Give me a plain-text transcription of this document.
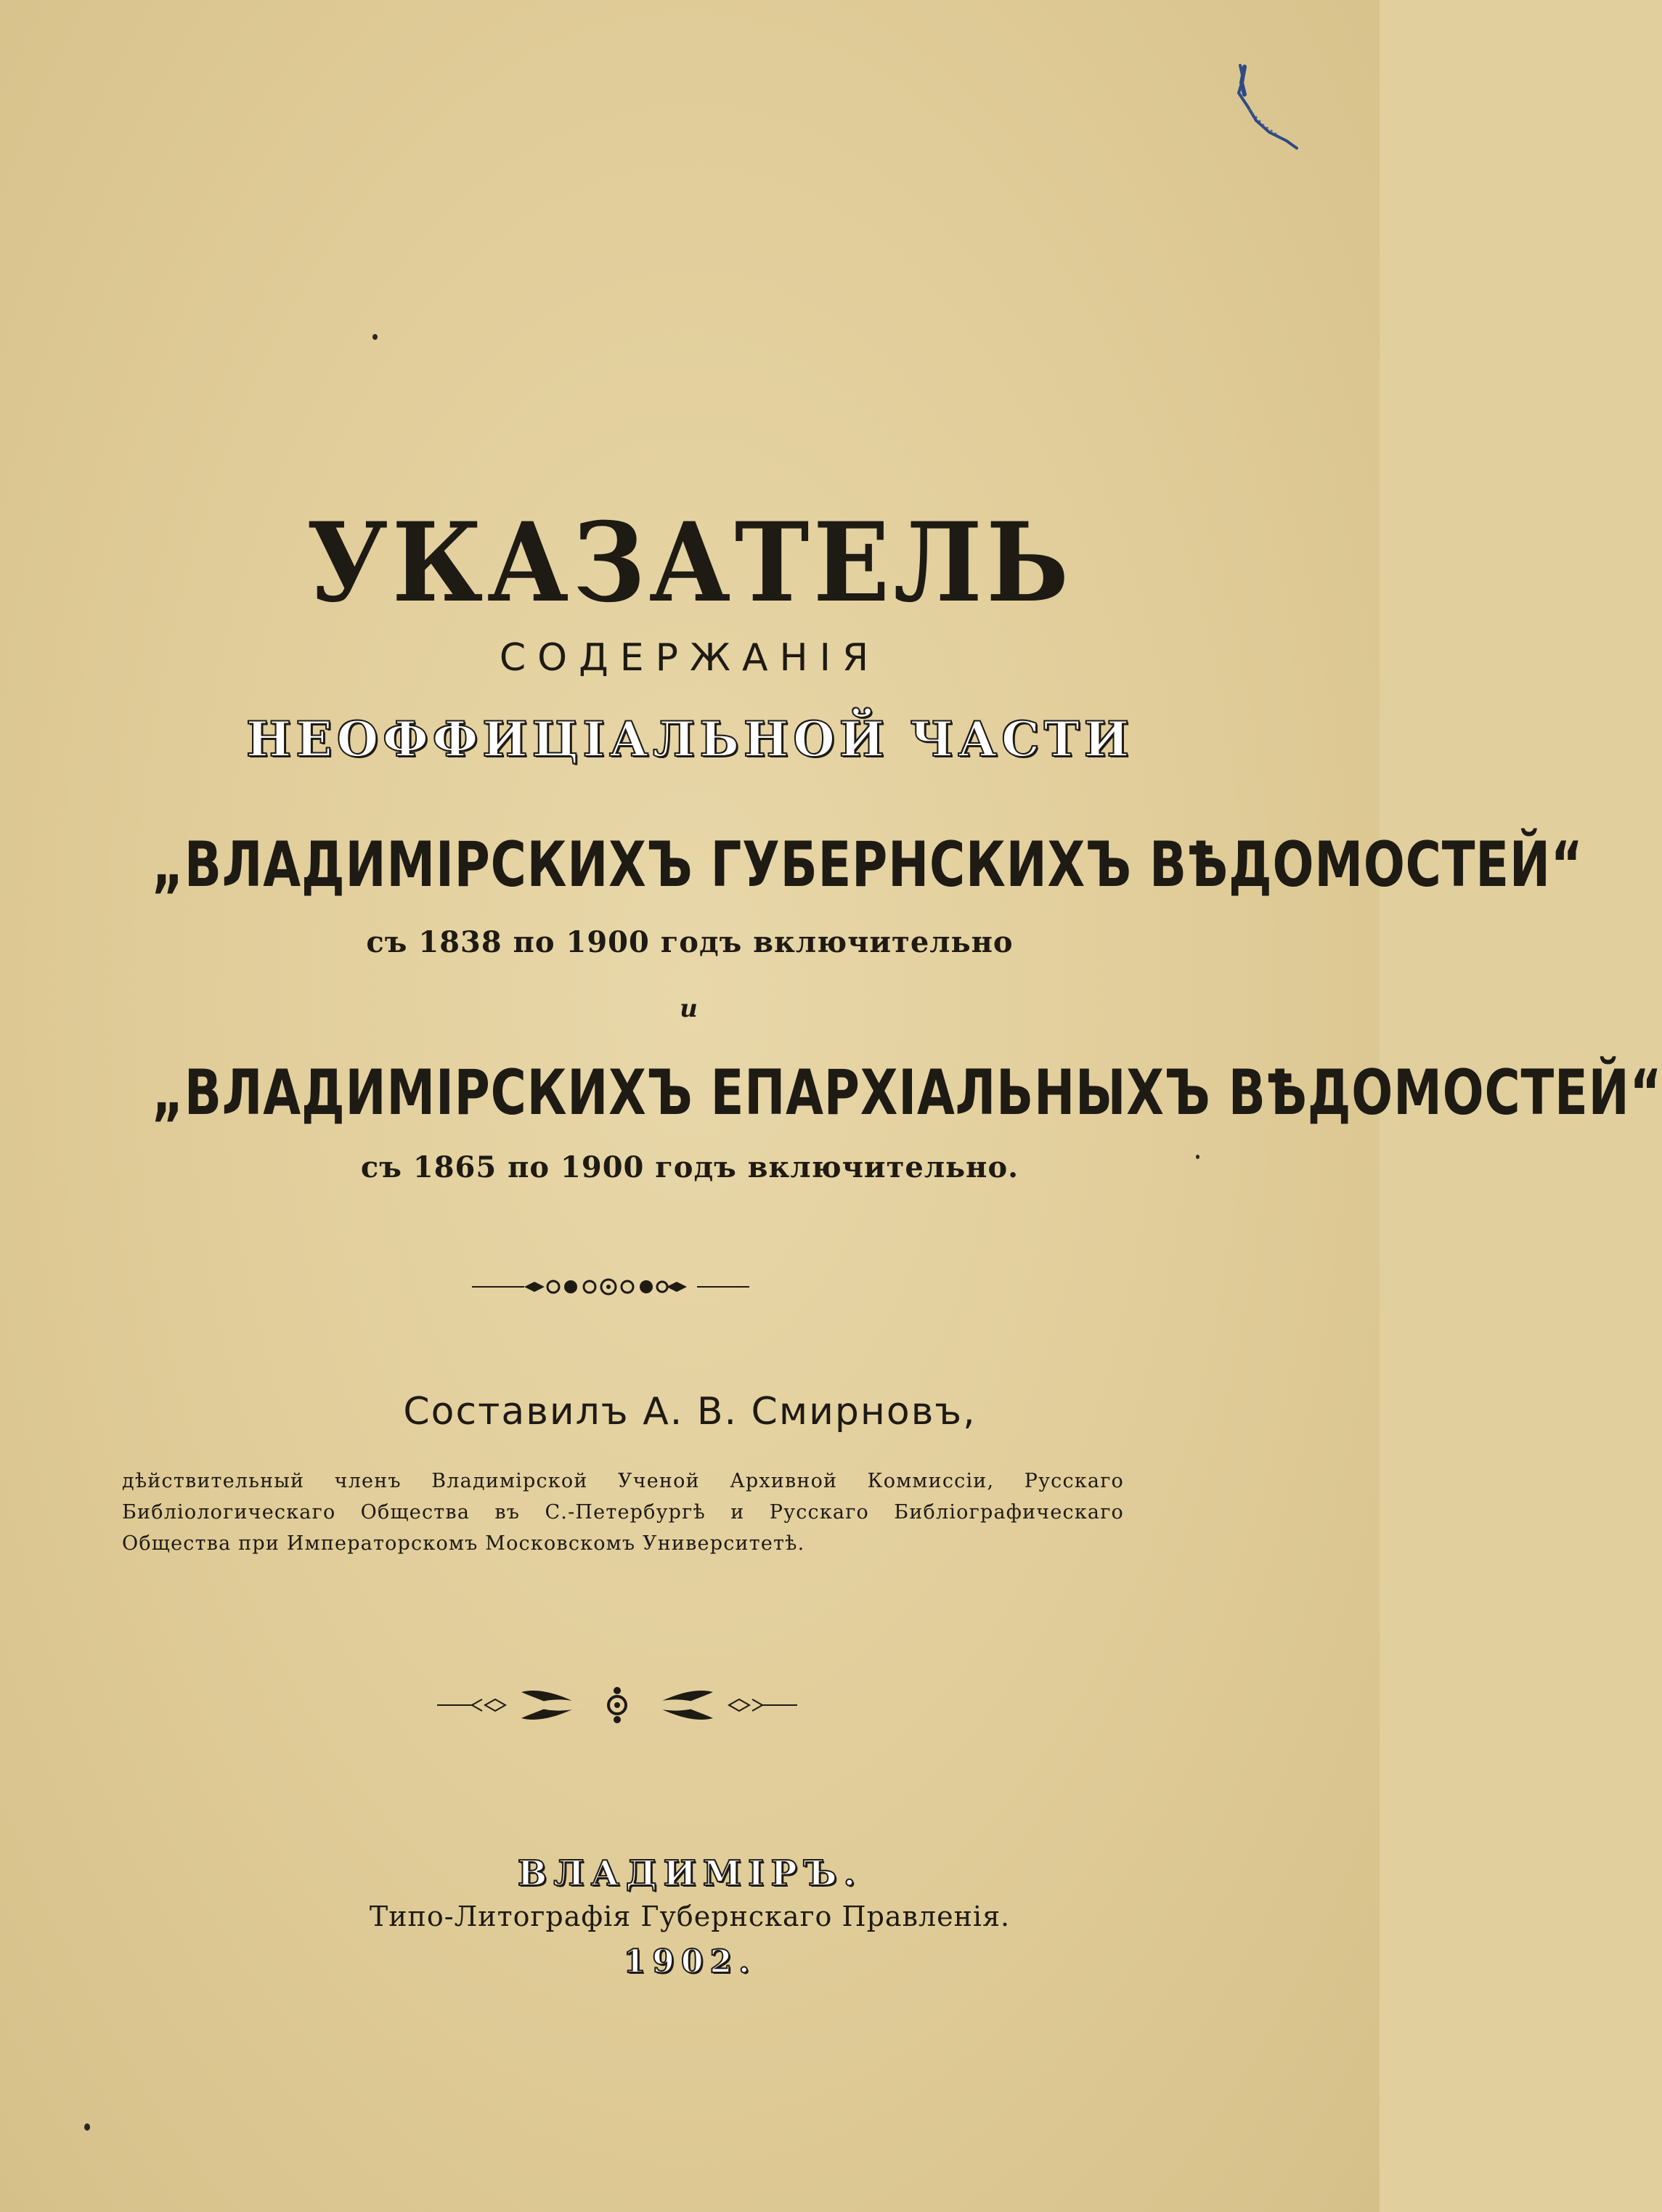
УКАЗАТЕЛЬ
СОДЕРЖАНІЯ
НЕОФФИЦІАЛЬНОЙ ЧАСТИ
„ВЛАДИМІРСКИХЪ ГУБЕРНСКИХЪ ВѢДОМОСТЕЙ“
съ 1838 по 1900 годъ включительно
и
„ВЛАДИМІРСКИХЪ ЕПАРХІАЛЬНЫХЪ ВѢДОМОСТЕЙ“
съ 1865 по 1900 годъ включительно.
Составилъ А. В. Смирновъ,
дѣйствительный членъ Владимірской Ученой Архивной Коммиссіи, Русскаго Библіологическаго Общества въ С.-Петербургѣ и Русскаго Библіографическаго Общества при Императорскомъ Московскомъ Университетѣ.
ВЛАДИМІРЪ.
Типо-Литографія Губернскаго Правленія.
1902.
